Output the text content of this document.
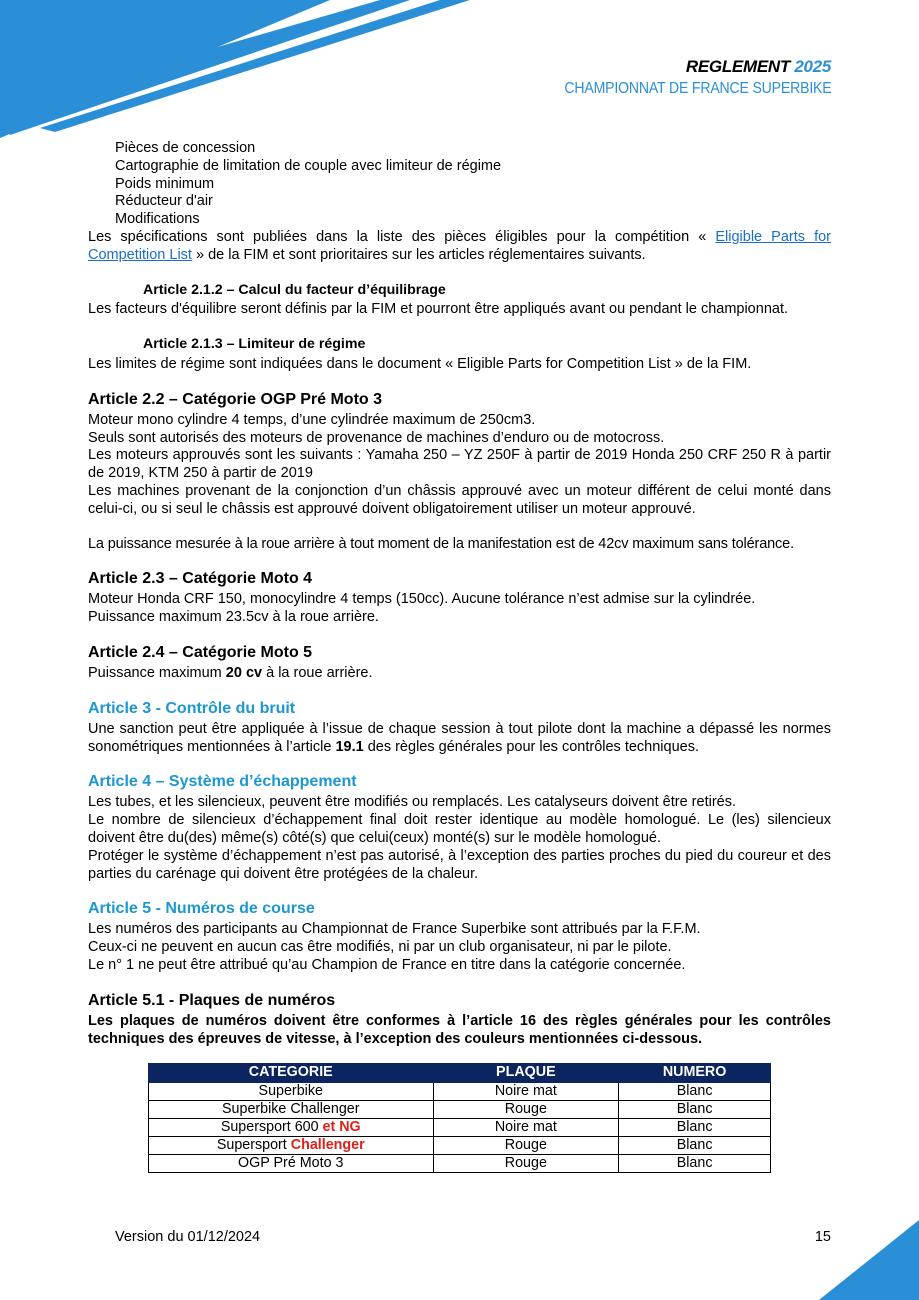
REGLEMENT 2025
CHAMPIONNAT DE FRANCE SUPERBIKE

Pièces de concession

Cartographie de limitation de couple avec limiteur de régime

Poids minimum

Réducteur d'air

Modifications

Les spécifications sont publiées dans la liste des pièces éligibles pour la compétition « Eligible Parts for Competition List » de la FIM et sont prioritaires sur les articles réglementaires suivants.

Article 2.1.2 – Calcul du facteur d’équilibrage

Les facteurs d'équilibre seront définis par la FIM et pourront être appliqués avant ou pendant le championnat.

Article 2.1.3 – Limiteur de régime

Les limites de régime sont indiquées dans le document « Eligible Parts for Competition List » de la FIM.

Article 2.2 – Catégorie OGP Pré Moto 3

Moteur mono cylindre 4 temps, d’une cylindrée maximum de 250cm3.

Seuls sont autorisés des moteurs de provenance de machines d’enduro ou de motocross.

Les moteurs approuvés sont les suivants : Yamaha 250 – YZ 250F à partir de 2019 Honda 250 CRF 250 R à partir de 2019, KTM 250 à partir de 2019

Les machines provenant de la conjonction d’un châssis approuvé avec un moteur différent de celui monté dans celui-ci, ou si seul le châssis est approuvé doivent obligatoirement utiliser un moteur approuvé.

La puissance mesurée à la roue arrière à tout moment de la manifestation est de 42cv maximum sans tolérance.

Article 2.3 – Catégorie Moto 4

Moteur Honda CRF 150, monocylindre 4 temps (150cc). Aucune tolérance n’est admise sur la cylindrée.

Puissance maximum 23.5cv à la roue arrière.

Article 2.4 – Catégorie Moto 5

Puissance maximum 20 cv à la roue arrière.

Article 3 - Contrôle du bruit

Une sanction peut être appliquée à l’issue de chaque session à tout pilote dont la machine a dépassé les normes sonométriques mentionnées à l’article 19.1 des règles générales pour les contrôles techniques.

Article 4 – Système d’échappement

Les tubes, et les silencieux, peuvent être modifiés ou remplacés. Les catalyseurs doivent être retirés.

Le nombre de silencieux d’échappement final doit rester identique au modèle homologué. Le (les) silencieux doivent être du(des) même(s) côté(s) que celui(ceux) monté(s) sur le modèle homologué.

Protéger le système d’échappement n’est pas autorisé, à l’exception des parties proches du pied du coureur et des parties du carénage qui doivent être protégées de la chaleur.

Article 5 - Numéros de course

Les numéros des participants au Championnat de France Superbike sont attribués par la F.F.M.

Ceux-ci ne peuvent en aucun cas être modifiés, ni par un club organisateur, ni par le pilote.

Le n° 1 ne peut être attribué qu’au Champion de France en titre dans la catégorie concernée.

Article 5.1 - Plaques de numéros

Les plaques de numéros doivent être conformes à l’article 16 des règles générales pour les contrôles techniques des épreuves de vitesse, à l’exception des couleurs mentionnées ci-dessous.

CATEGORIE	PLAQUE	NUMERO
Superbike	Noire mat	Blanc
Superbike Challenger	Rouge	Blanc
Supersport 600 et NG	Noire mat	Blanc
Supersport Challenger	Rouge	Blanc
OGP Pré Moto 3	Rouge	Blanc
Version du 01/12/2024	15
